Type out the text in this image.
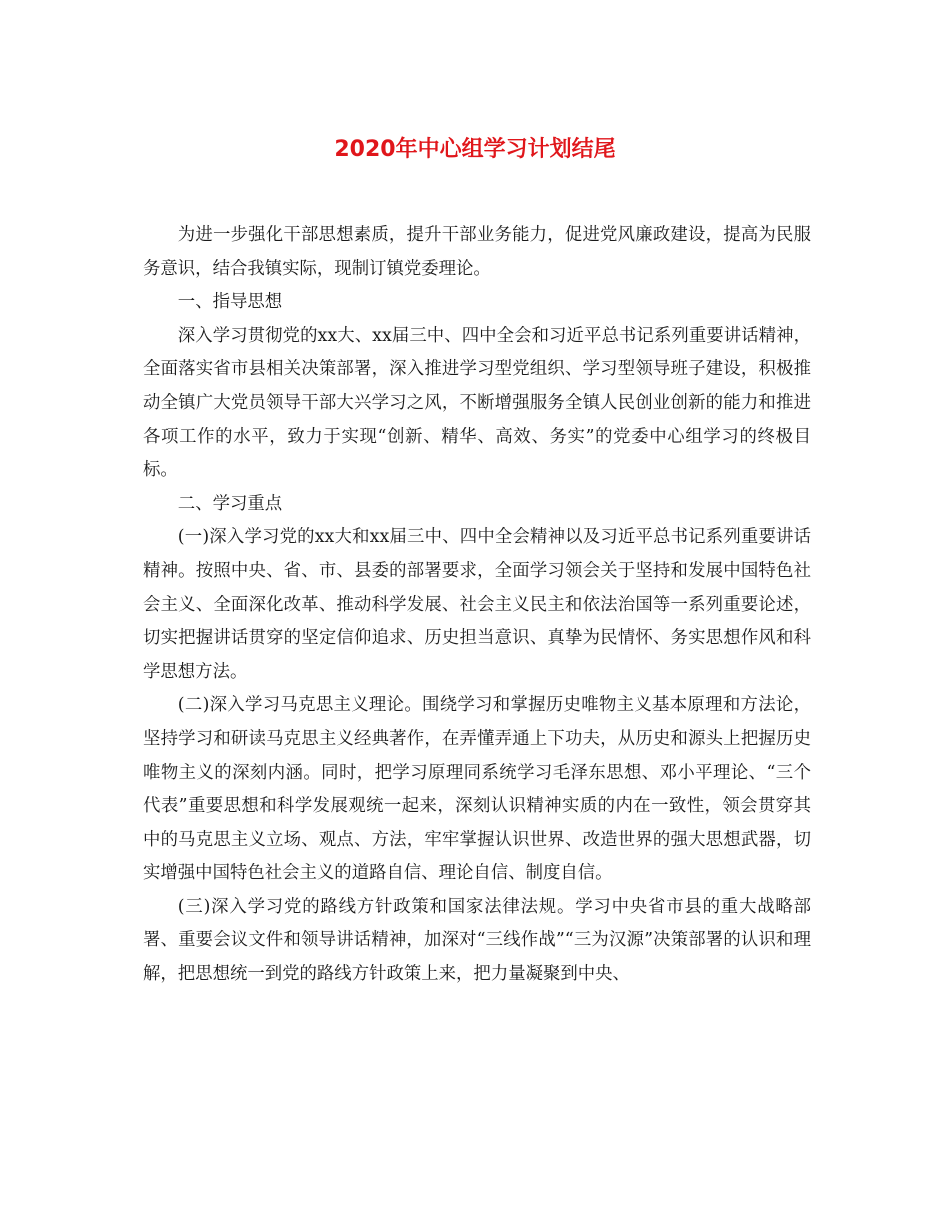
2020年中心组学习计划结尾

为进一步强化干部思想素质，提升干部业务能力，促进党风廉政建设，提高为民服务意识，结合我镇实际，现制订镇党委理论。

一、指导思想

深入学习贯彻党的xx大、xx届三中、四中全会和习近平总书记系列重要讲话精神，全面落实省市县相关决策部署，深入推进学习型党组织、学习型领导班子建设，积极推动全镇广大党员领导干部大兴学习之风，不断增强服务全镇人民创业创新的能力和推进各项工作的水平，致力于实现“创新、精华、高效、务实”的党委中心组学习的终极目标。

二、学习重点

(一)深入学习党的xx大和xx届三中、四中全会精神以及习近平总书记系列重要讲话精神。按照中央、省、市、县委的部署要求，全面学习领会关于坚持和发展中国特色社会主义、全面深化改革、推动科学发展、社会主义民主和依法治国等一系列重要论述，切实把握讲话贯穿的坚定信仰追求、历史担当意识、真挚为民情怀、务实思想作风和科学思想方法。

(二)深入学习马克思主义理论。围绕学习和掌握历史唯物主义基本原理和方法论，坚持学习和研读马克思主义经典著作，在弄懂弄通上下功夫，从历史和源头上把握历史唯物主义的深刻内涵。同时，把学习原理同系统学习毛泽东思想、邓小平理论、“三个代表”重要思想和科学发展观统一起来，深刻认识精神实质的内在一致性，领会贯穿其中的马克思主义立场、观点、方法，牢牢掌握认识世界、改造世界的强大思想武器，切实增强中国特色社会主义的道路自信、理论自信、制度自信。

(三)深入学习党的路线方针政策和国家法律法规。学习中央省市县的重大战略部署、重要会议文件和领导讲话精神，加深对“三线作战”“三为汉源”决策部署的认识和理解，把思想统一到党的路线方针政策上来，把力量凝聚到中央、
